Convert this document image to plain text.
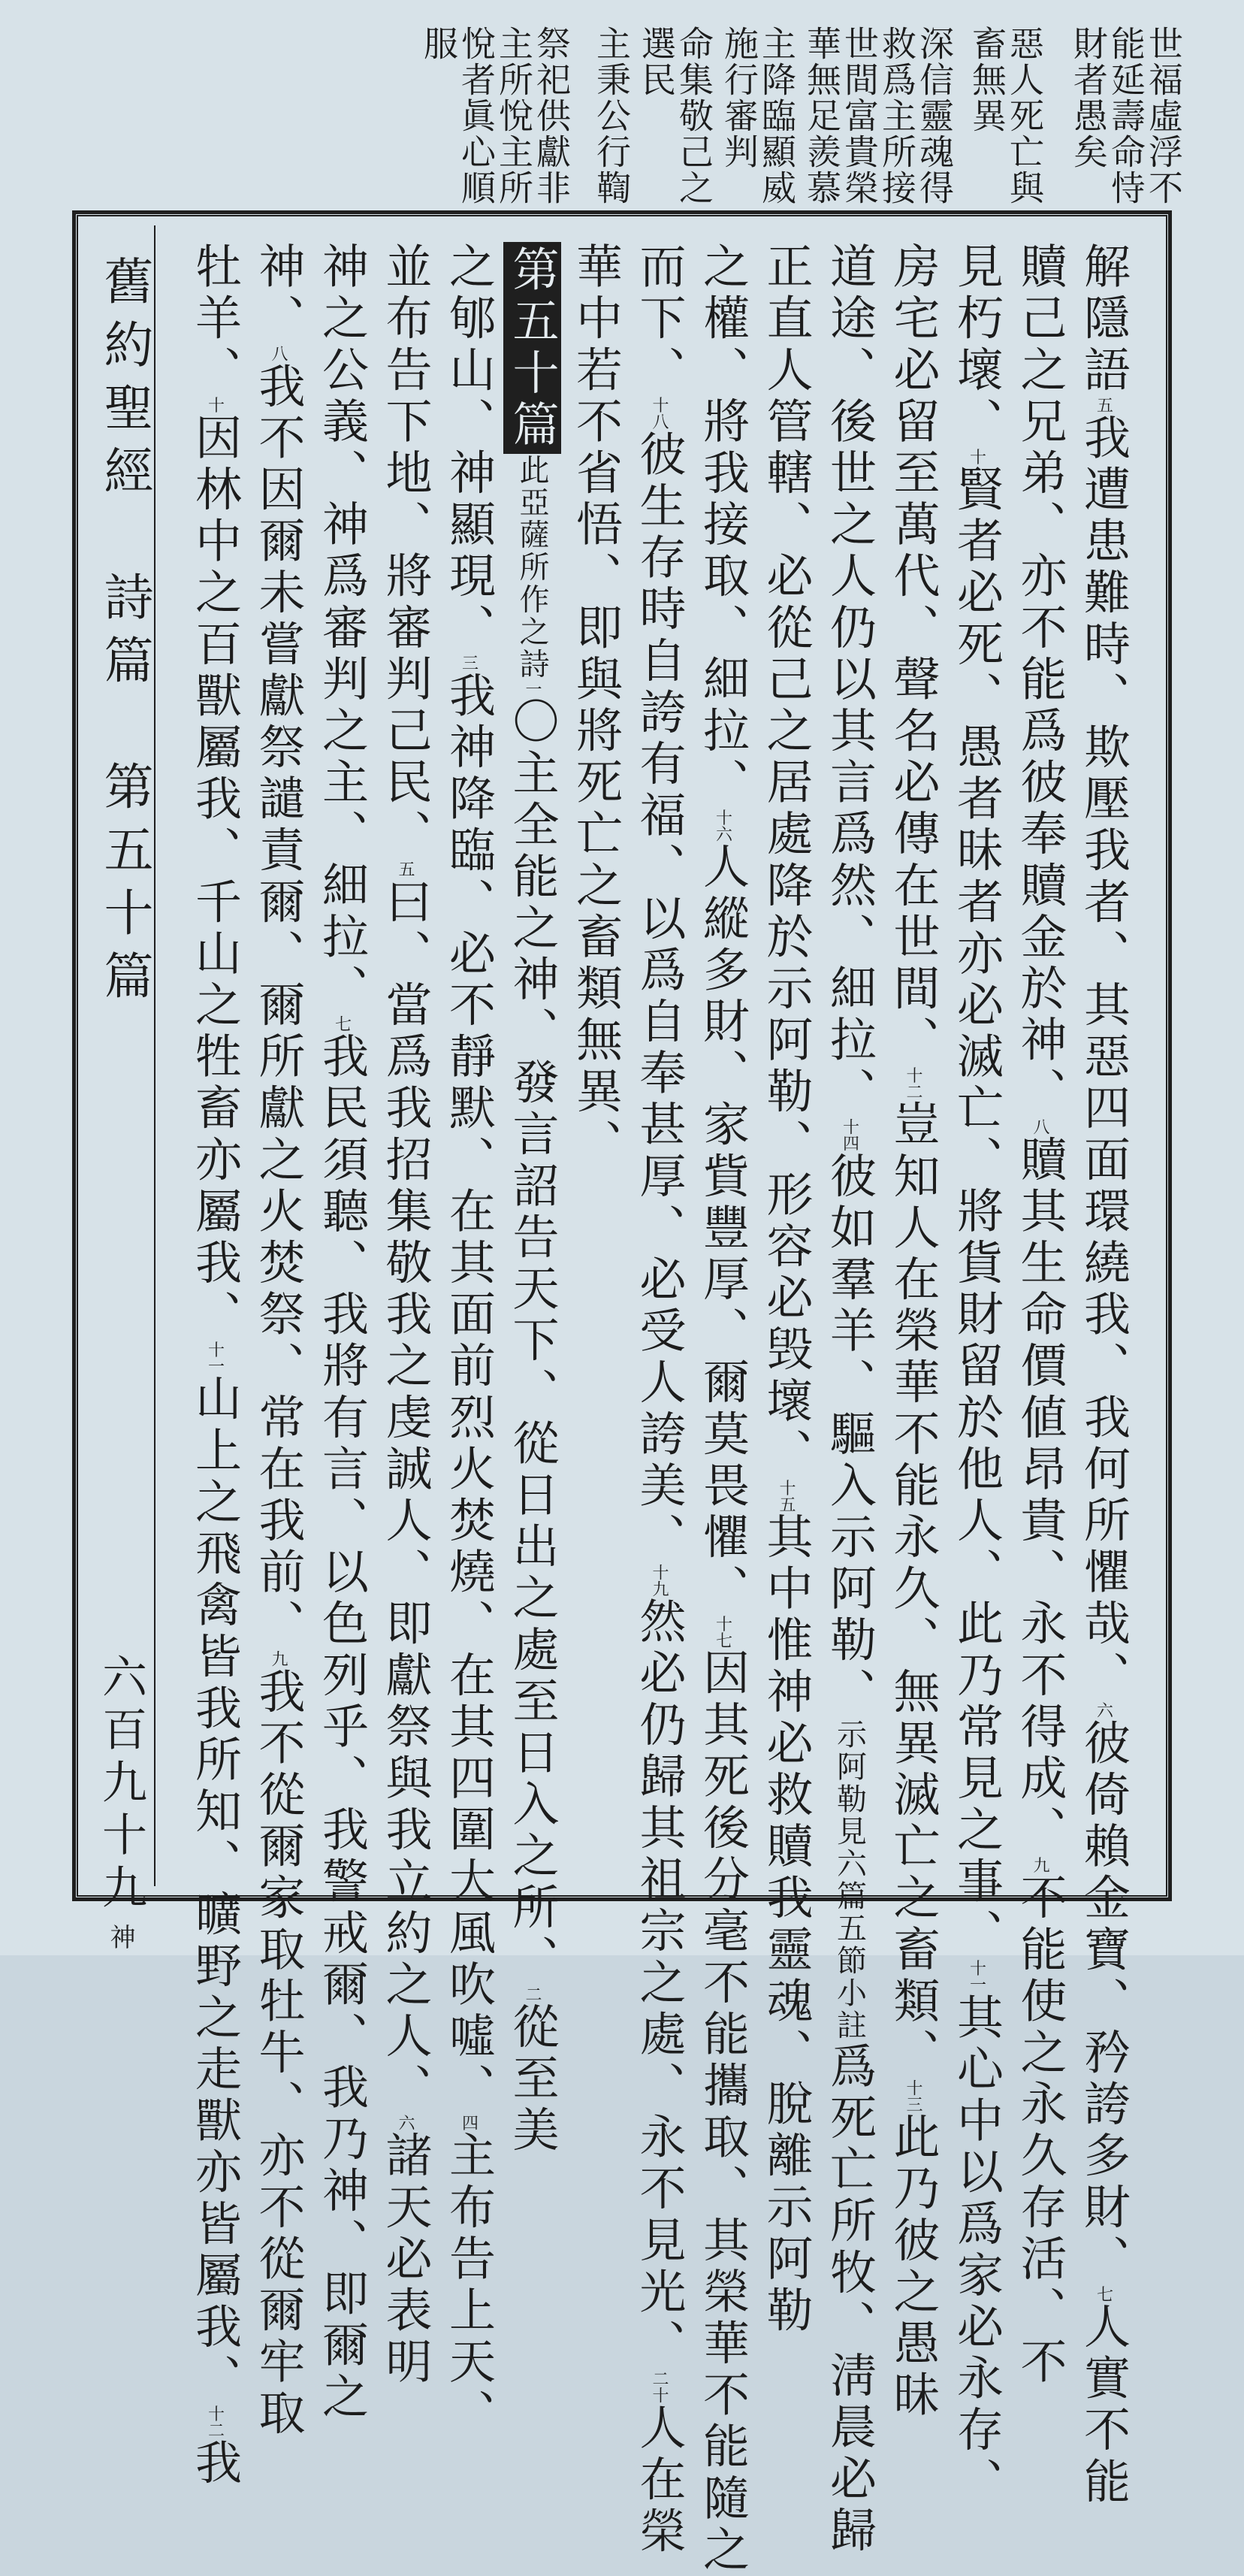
世福虛浮不
能延壽命恃
財者愚矣
惡人死亡與
畜無異
深信靈魂得
救爲主所接
世間富貴榮
華無足羨慕
主降臨顯威
施行審判
命集敬己之
選民
主秉公行鞫
祭祀供獻非
主所悅主所
悅者眞心順
服
解隱語五我遭患難時、欺壓我者、其惡四面環繞我、我何所懼哉、六彼倚賴金寶、矜誇多財、七人實不能
贖己之兄弟、亦不能爲彼奉贖金於神、八贖其生命價値昂貴、永不得成、九不能使之永久存活、不
見朽壞、十賢者必死、愚者昧者亦必滅亡、將貨財留於他人、此乃常見之事、十一其心中以爲家必永存、
房宅必留至萬代、聲名必傳在世間、十二豈知人在榮華不能永久、無異滅亡之畜類、十三此乃彼之愚昧
道途、後世之人仍以其言爲然、細拉、十四彼如羣羊、驅入示阿勒、示阿勒見六篇五節小註爲死亡所牧、淸晨必歸
正直人管轄、必從己之居處降於示阿勒、形容必毁壞、十五其中惟神必救贖我靈魂、脫離示阿勒
之權、將我接取、細拉、十六人縱多財、家貲豐厚、爾莫畏懼、十七因其死後分毫不能攜取、其榮華不能隨之
而下、十八彼生存時自誇有福、以爲自奉甚厚、必受人誇美、十九然必仍歸其祖宗之處、永不見光、二十人在榮
華中若不省悟、即與將死亡之畜類無異、
第五十篇此亞薩所作之詩一〇主全能之神、發言詔告天下、從日出之處至日入之所、二從至美
之郇山、神顯現、三我神降臨、必不靜默、在其面前烈火焚燒、在其四圍大風吹噓、四主布告上天、
並布告下地、將審判己民、五曰、當爲我招集敬我之虔誠人、即獻祭與我立約之人、六諸天必表明
神之公義、神爲審判之主、細拉、七我民須聽、我將有言、以色列乎、我警戒爾、我乃神、即爾之
神、八我不因爾未嘗獻祭譴責爾、爾所獻之火焚祭、常在我前、九我不從爾家取牡牛、亦不從爾牢取
牡羊、十因林中之百獸屬我、千山之牲畜亦屬我、十一山上之飛禽皆我所知、曠野之走獸亦皆屬我、十二我
舊約聖經　詩篇　第五十篇
六百九十九
神
